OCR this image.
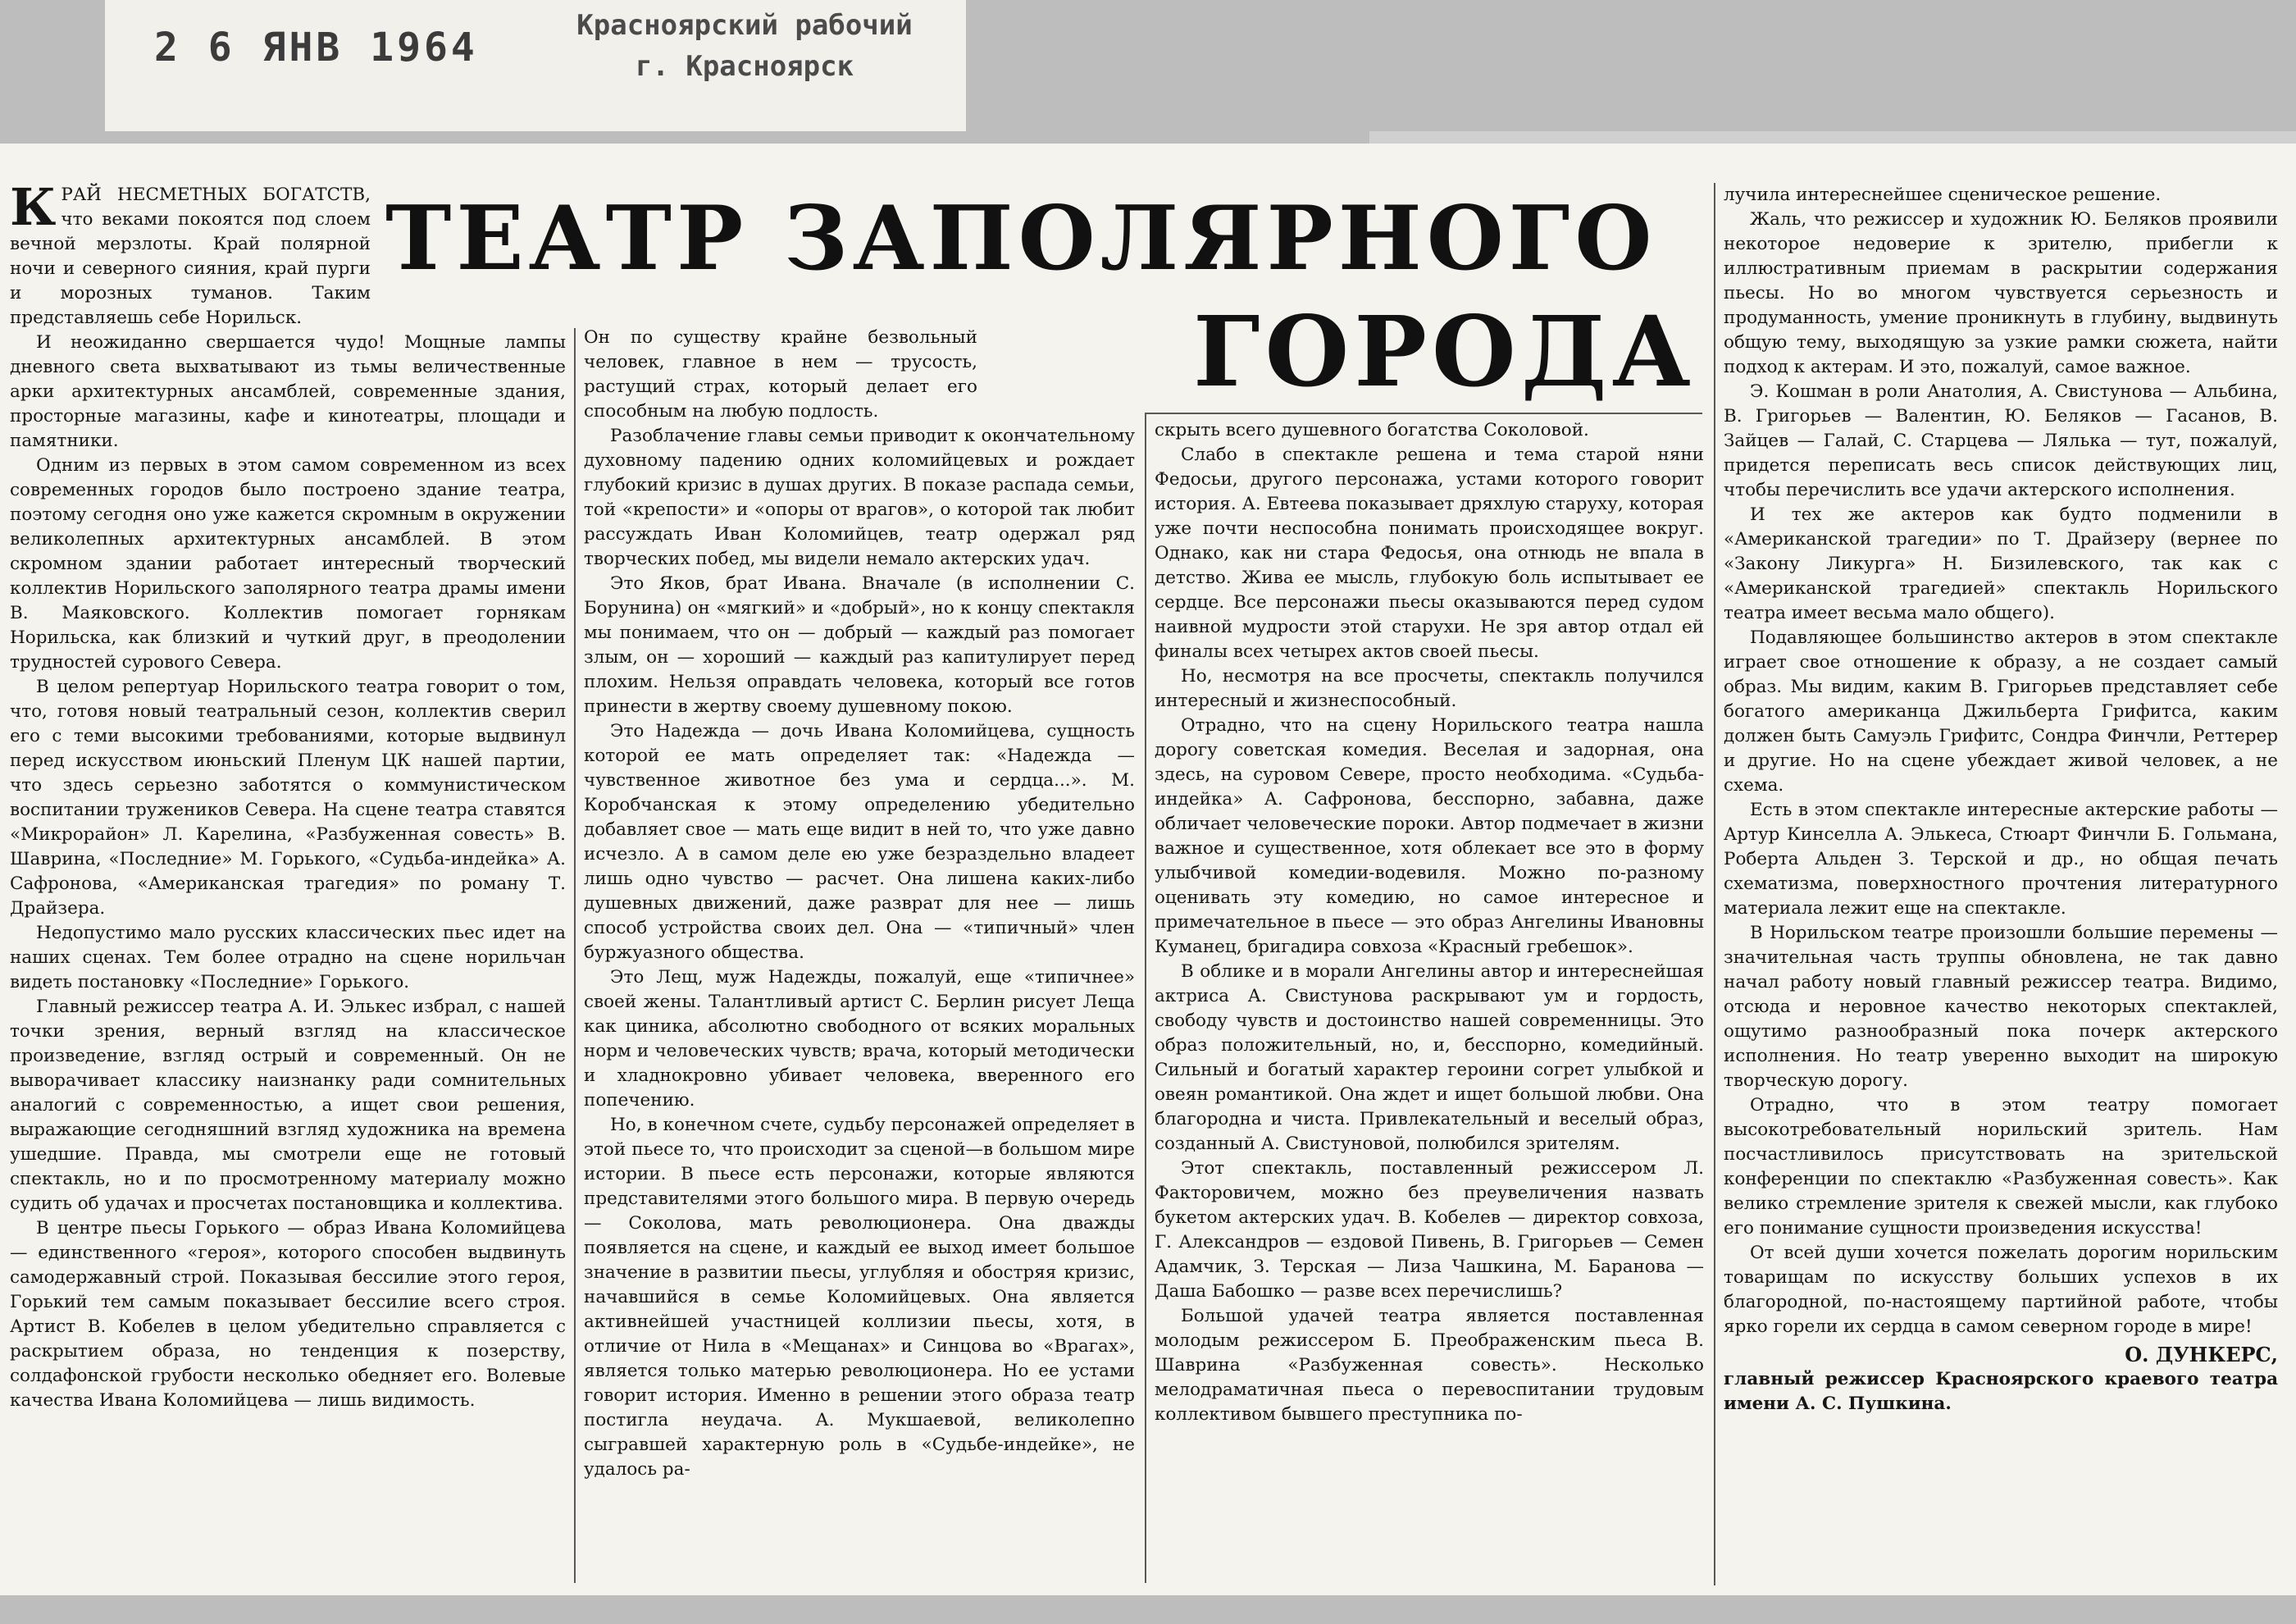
2 6 ЯНВ 1964	Красноярский рабочий
г. Красноярск
ТЕАТР ЗАПОЛЯРНОГО
ГОРОДА

КРАЙ НЕСМЕТНЫХ БОГАТСТВ, что веками покоятся под слоем вечной мерзлоты. Край полярной ночи и северного сияния, край пурги и морозных туманов. Таким представляешь себе Норильск.

И неожиданно свершается чудо! Мощные лампы дневного света выхватывают из тьмы величественные арки архитектурных ансамблей, современные здания, просторные магазины, кафе и кинотеатры, площади и памятники.

Одним из первых в этом самом современном из всех современных городов было построено здание театра, поэтому сегодня оно уже кажется скромным в окружении великолепных архитектурных ансамблей. В этом скромном здании работает интересный творческий коллектив Норильского заполярного театра драмы имени В. Маяковского. Коллектив помогает горнякам Норильска, как близкий и чуткий друг, в преодолении трудностей сурового Севера.

В целом репертуар Норильского театра говорит о том, что, готовя новый театральный сезон, коллектив сверил его с теми высокими требованиями, которые выдвинул перед искусством июньский Пленум ЦК нашей партии, что здесь серьезно заботятся о коммунистическом воспитании тружеников Севера. На сцене театра ставятся «Микрорайон» Л. Карелина, «Разбуженная совесть» В. Шаврина, «Последние» М. Горького, «Судьба-индейка» А. Сафронова, «Американская трагедия» по роману Т. Драйзера.

Недопустимо мало русских классических пьес идет на наших сценах. Тем более отрадно на сцене норильчан видеть постановку «Последние» Горького.

Главный режиссер театра А. И. Элькес избрал, с нашей точки зрения, верный взгляд на классическое произведение, взгляд острый и современный. Он не выворачивает классику наизнанку ради сомнительных аналогий с современностью, а ищет свои решения, выражающие сегодняшний взгляд художника на времена ушедшие. Правда, мы смотрели еще не готовый спектакль, но и по просмотренному материалу можно судить об удачах и просчетах постановщика и коллектива.

В центре пьесы Горького — образ Ивана Коломийцева — единственного «героя», которого способен выдвинуть самодержавный строй. Показывая бессилие этого героя, Горький тем самым показывает бессилие всего строя. Артист В. Кобелев в целом убедительно справляется с раскрытием образа, но тенденция к позерству, солдафонской грубости несколько обедняет его. Волевые качества Ивана Коломийцева — лишь видимость.

Он по существу крайне безвольный человек, главное в нем — трусость, растущий страх, который делает его способным на любую подлость.

Разоблачение главы семьи приводит к окончательному духовному падению одних коломийцевых и рождает глубокий кризис в душах других. В показе распада семьи, той «крепости» и «опоры от врагов», о которой так любит рассуждать Иван Коломийцев, театр одержал ряд творческих побед, мы видели немало актерских удач.

Это Яков, брат Ивана. Вначале (в исполнении С. Борунина) он «мягкий» и «добрый», но к концу спектакля мы понимаем, что он — добрый — каждый раз помогает злым, он — хороший — каждый раз капитулирует перед плохим. Нельзя оправдать человека, который все готов принести в жертву своему душевному покою.

Это Надежда — дочь Ивана Коломийцева, сущность которой ее мать определяет так: «Надежда — чувственное животное без ума и сердца...». М. Коробчанская к этому определению убедительно добавляет свое — мать еще видит в ней то, что уже давно исчезло. А в самом деле ею уже безраздельно владеет лишь одно чувство — расчет. Она лишена каких-либо душевных движений, даже разврат для нее — лишь способ устройства своих дел. Она — «типичный» член буржуазного общества.

Это Лещ, муж Надежды, пожалуй, еще «типичнее» своей жены. Талантливый артист С. Берлин рисует Леща как циника, абсолютно свободного от всяких моральных норм и человеческих чувств; врача, который методически и хладнокровно убивает человека, вверенного его попечению.

Но, в конечном счете, судьбу персонажей определяет в этой пьесе то, что происходит за сценой—в большом мире истории. В пьесе есть персонажи, которые являются представителями этого большого мира. В первую очередь — Соколова, мать революционера. Она дважды появляется на сцене, и каждый ее выход имеет большое значение в развитии пьесы, углубляя и обостряя кризис, начавшийся в семье Коломийцевых. Она является активнейшей участницей коллизии пьесы, хотя, в отличие от Нила в «Мещанах» и Синцова во «Врагах», является только матерью революционера. Но ее устами говорит история. Именно в решении этого образа театр постигла неудача. А. Мукшаевой, великолепно сыгравшей характерную роль в «Судьбе-индейке», не удалось ра-

скрыть всего душевного богатства Соколовой.

Слабо в спектакле решена и тема старой няни Федосьи, другого персонажа, устами которого говорит история. А. Евтеева показывает дряхлую старуху, которая уже почти неспособна понимать происходящее вокруг. Однако, как ни стара Федосья, она отнюдь не впала в детство. Жива ее мысль, глубокую боль испытывает ее сердце. Все персонажи пьесы оказываются перед судом наивной мудрости этой старухи. Не зря автор отдал ей финалы всех четырех актов своей пьесы.

Но, несмотря на все просчеты, спектакль получился интересный и жизнеспособный.

Отрадно, что на сцену Норильского театра нашла дорогу советская комедия. Веселая и задорная, она здесь, на суровом Севере, просто необходима. «Судьба-индейка» А. Сафронова, бесспорно, забавна, даже обличает человеческие пороки. Автор подмечает в жизни важное и существенное, хотя облекает все это в форму улыбчивой комедии-водевиля. Можно по-разному оценивать эту комедию, но самое интересное и примечательное в пьесе — это образ Ангелины Ивановны Куманец, бригадира совхоза «Красный гребешок».

В облике и в морали Ангелины автор и интереснейшая актриса А. Свистунова раскрывают ум и гордость, свободу чувств и достоинство нашей современницы. Это образ положительный, но, и, бесспорно, комедийный. Сильный и богатый характер героини согрет улыбкой и овеян романтикой. Она ждет и ищет большой любви. Она благородна и чиста. Привлекательный и веселый образ, созданный А. Свистуновой, полюбился зрителям.

Этот спектакль, поставленный режиссером Л. Факторовичем, можно без преувеличения назвать букетом актерских удач. В. Кобелев — директор совхоза, Г. Александров — ездовой Пивень, В. Григорьев — Семен Адамчик, З. Терская — Лиза Чашкина, М. Баранова — Даша Бабошко — разве всех перечислишь?

Большой удачей театра является поставленная молодым режиссером Б. Преображенским пьеса В. Шаврина «Разбуженная совесть». Несколько мелодраматичная пьеса о перевоспитании трудовым коллективом бывшего преступника по-

лучила интереснейшее сценическое решение.

Жаль, что режиссер и художник Ю. Беляков проявили некоторое недоверие к зрителю, прибегли к иллюстративным приемам в раскрытии содержания пьесы. Но во многом чувствуется серьезность и продуманность, умение проникнуть в глубину, выдвинуть общую тему, выходящую за узкие рамки сюжета, найти подход к актерам. И это, пожалуй, самое важное.

Э. Кошман в роли Анатолия, А. Свистунова — Альбина, В. Григорьев — Валентин, Ю. Беляков — Гасанов, В. Зайцев — Галай, С. Старцева — Лялька — тут, пожалуй, придется переписать весь список действующих лиц, чтобы перечислить все удачи актерского исполнения.

И тех же актеров как будто подменили в «Американской трагедии» по Т. Драйзеру (вернее по «Закону Ликурга» Н. Бизилевского, так как с «Американской трагедией» спектакль Норильского театра имеет весьма мало общего).

Подавляющее большинство актеров в этом спектакле играет свое отношение к образу, а не создает самый образ. Мы видим, каким В. Григорьев представляет себе богатого американца Джильберта Грифитса, каким должен быть Самуэль Грифитс, Сондра Финчли, Реттерер и другие. Но на сцене убеждает живой человек, а не схема.

Есть в этом спектакле интересные актерские работы — Артур Кинселла А. Элькеса, Стюарт Финчли Б. Гольмана, Роберта Альден З. Терской и др., но общая печать схематизма, поверхностного прочтения литературного материала лежит еще на спектакле.

В Норильском театре произошли большие перемены — значительная часть труппы обновлена, не так давно начал работу новый главный режиссер театра. Видимо, отсюда и неровное качество некоторых спектаклей, ощутимо разнообразный пока почерк актерского исполнения. Но театр уверенно выходит на широкую творческую дорогу.

Отрадно, что в этом театру помогает высокотребовательный норильский зритель. Нам посчастливилось присутствовать на зрительской конференции по спектаклю «Разбуженная совесть». Как велико стремление зрителя к свежей мысли, как глубоко его понимание сущности произведения искусства!

От всей души хочется пожелать дорогим норильским товарищам по искусству больших успехов в их благородной, по-настоящему партийной работе, чтобы ярко горели их сердца в самом северном городе в мире!

О. ДУНКЕРС,

главный режиссер Красноярского краевого театра имени А. С. Пушкина.
